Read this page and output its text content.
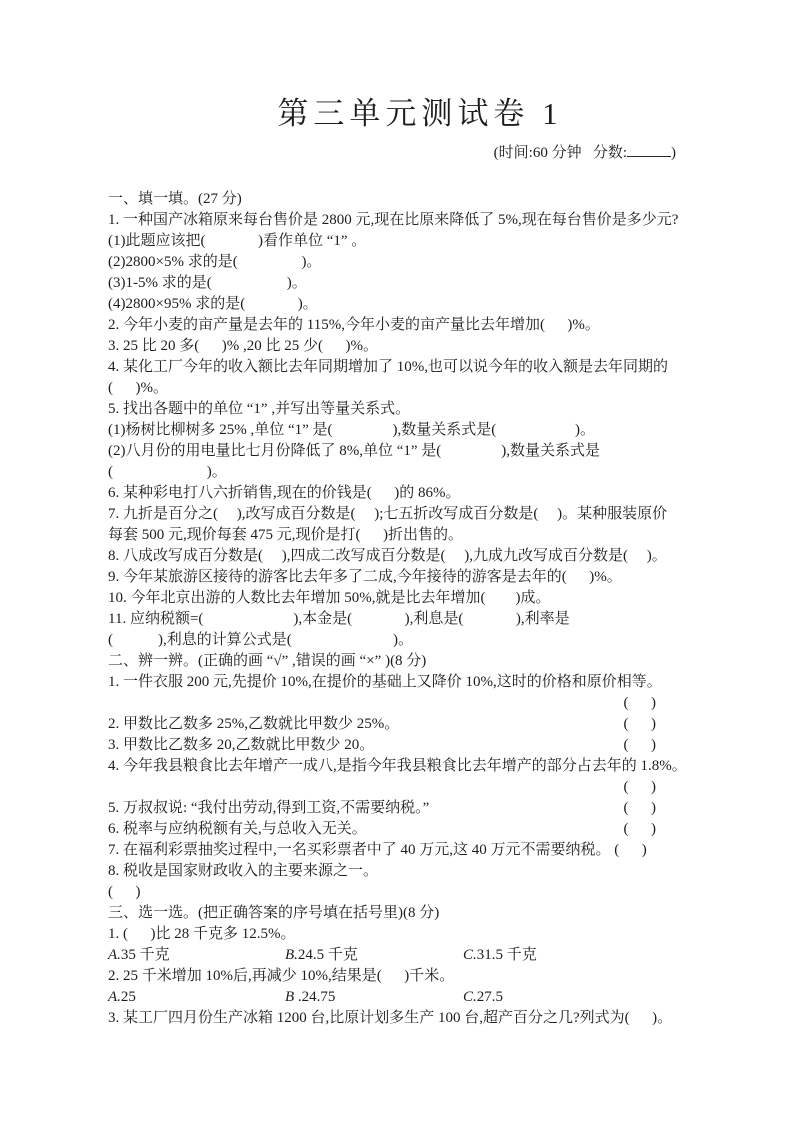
第三单元测试卷 1
(时间:60 分钟   分数:	)
一、填一填。(27 分)
1. 一种国产冰箱原来每台售价是 2800 元,现在比原来降低了 5%,现在每台售价是多少元?
(1)此题应该把(              )看作单位 “1” 。
(2)2800×5% 求的是(                 )。
(3)1-5% 求的是(                    )。
(4)2800×95% 求的是(              )。
2. 今年小麦的亩产量是去年的 115%,今年小麦的亩产量比去年增加(      )%。
3. 25 比 20 多(      )% ,20 比 25 少(      )%。
4. 某化工厂今年的收入额比去年同期增加了 10%,也可以说今年的收入额是去年同期的
(      )%。
5. 找出各题中的单位 “1” ,并写出等量关系式。
(1)杨树比柳树多 25% ,单位 “1” 是(                ),数量关系式是(                     )。
(2)八月份的用电量比七月份降低了 8%,单位 “1” 是(                ),数量关系式是
(                         )。
6. 某种彩电打八六折销售,现在的价钱是(      )的 86%。
7. 九折是百分之(     ),改写成百分数是(     );七五折改写成百分数是(     )。某种服装原价
每套 500 元,现价每套 475 元,现价是打(      )折出售的。
8. 八成改写成百分数是(     ),四成二改写成百分数是(     ),九成九改写成百分数是(     )。
9. 今年某旅游区接待的游客比去年多了二成,今年接待的游客是去年的(      )%。
10. 今年北京出游的人数比去年增加 50%,就是比去年增加(        )成。
11. 应纳税额=(                        ),本金是(              ),利息是(              ),利率是
(            ),利息的计算公式是(                           )。
二、辨一辨。(正确的画 “√” ,错误的画 “×” )(8 分)
1. 一件衣服 200 元,先提价 10%,在提价的基础上又降价 10%,这时的价格和原价相等。
(      )
2. 甲数比乙数多 25%,乙数就比甲数少 25%。	(      )
3. 甲数比乙数多 20,乙数就比甲数少 20。	(      )
4. 今年我县粮食比去年增产一成八,是指今年我县粮食比去年增产的部分占去年的 1.8%。
(      )
5. 万叔叔说: “我付出劳动,得到工资,不需要纳税。”	(      )
6. 税率与应纳税额有关,与总收入无关。	(      )
7. 在福利彩票抽奖过程中,一名买彩票者中了 40 万元,这 40 万元不需要纳税。 (      )
8. 税收是国家财政收入的主要来源之一。
(      )
三、选一选。(把正确答案的序号填在括号里)(8 分)
1. (      )比 28 千克多 12.5%。
A.35 千克	B.24.5 千克	C.31.5 千克
2. 25 千米增加 10%后,再减少 10%,结果是(      )千米。
A.25	B .24.75	C.27.5
3. 某工厂四月份生产冰箱 1200 台,比原计划多生产 100 台,超产百分之几?列式为(      )。
